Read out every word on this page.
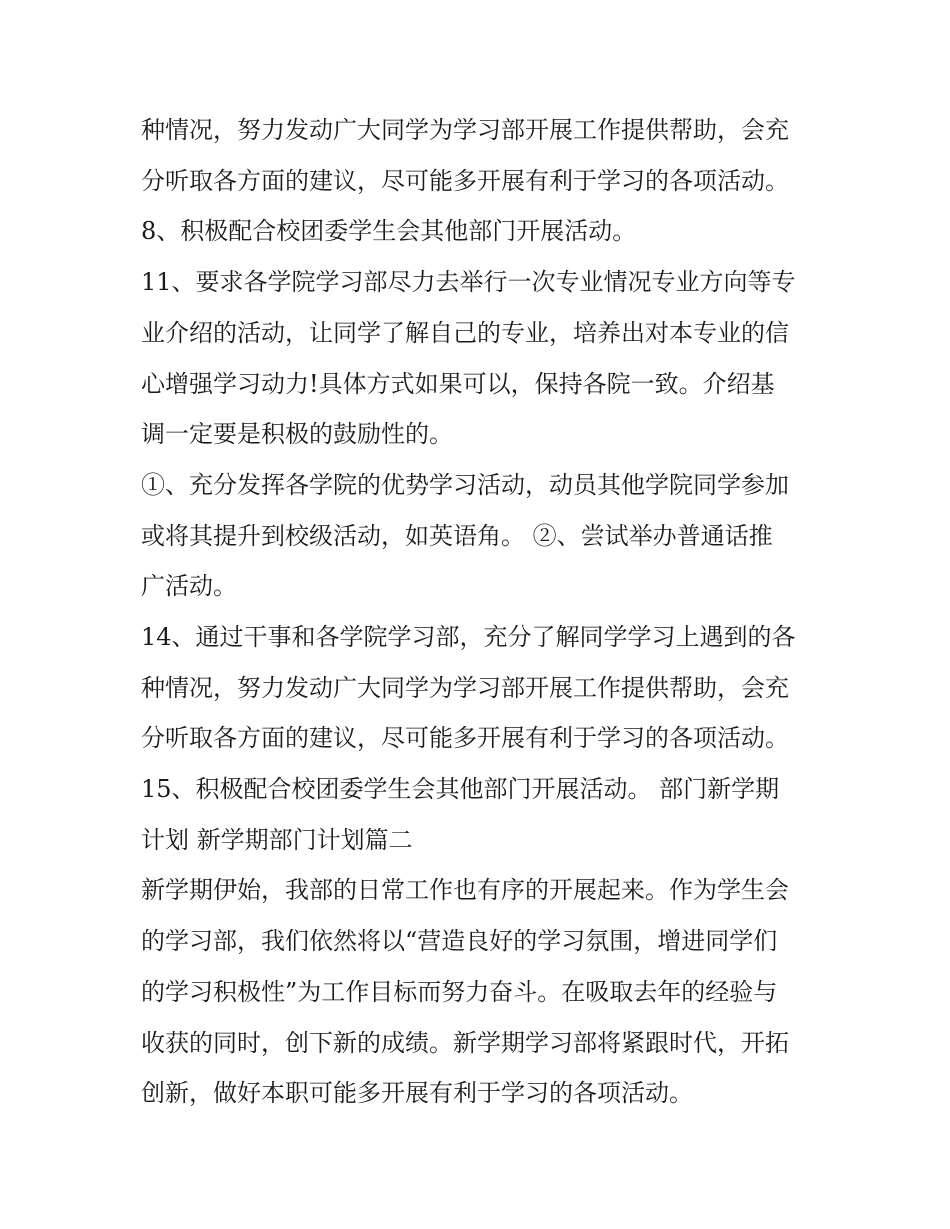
种情况，努力发动广大同学为学习部开展工作提供帮助，会充
分听取各方面的建议，尽可能多开展有利于学习的各项活动。
8、积极配合校团委学生会其他部门开展活动。
11、要求各学院学习部尽力去举行一次专业情况专业方向等专
业介绍的活动，让同学了解自己的专业，培养出对本专业的信
心增强学习动力!具体方式如果可以，保持各院一致。介绍基
调一定要是积极的鼓励性的。
①、充分发挥各学院的优势学习活动，动员其他学院同学参加
或将其提升到校级活动，如英语角。 ②、尝试举办普通话推
广活动。
14、通过干事和各学院学习部，充分了解同学学习上遇到的各
种情况，努力发动广大同学为学习部开展工作提供帮助，会充
分听取各方面的建议，尽可能多开展有利于学习的各项活动。
15、积极配合校团委学生会其他部门开展活动。 部门新学期
计划 新学期部门计划篇二
新学期伊始，我部的日常工作也有序的开展起来。作为学生会
的学习部，我们依然将以“营造良好的学习氛围，增进同学们
的学习积极性”为工作目标而努力奋斗。在吸取去年的经验与
收获的同时，创下新的成绩。新学期学习部将紧跟时代，开拓
创新，做好本职可能多开展有利于学习的各项活动。
